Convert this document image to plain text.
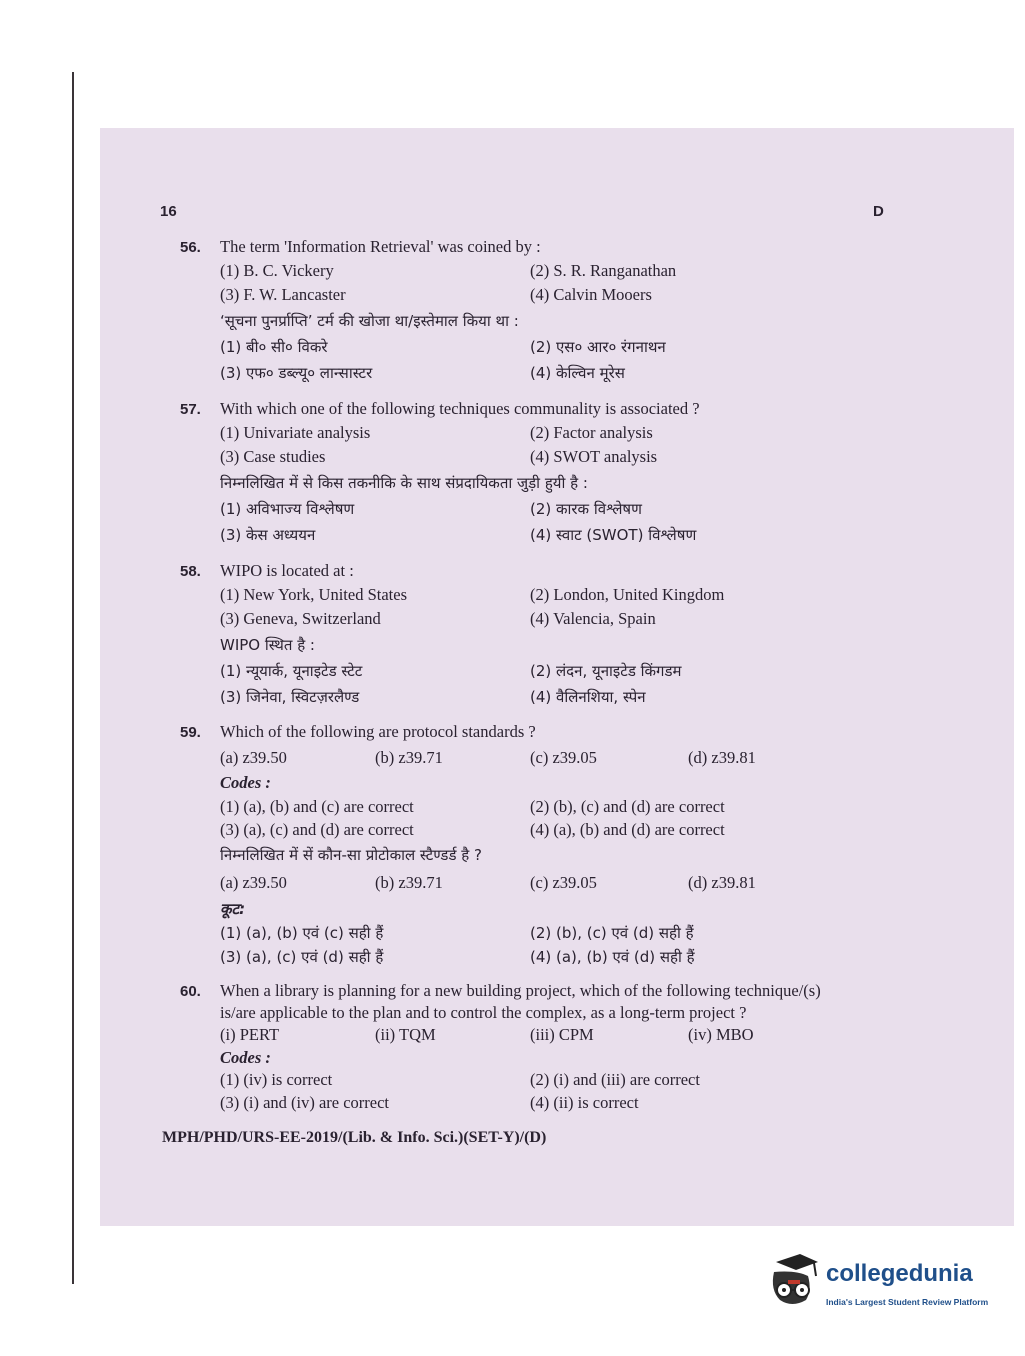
16	D
56. The term 'Information Retrieval' was coined by :
(1) B. C. Vickery	(2) S. R. Ranganathan
(3) F. W. Lancaster	(4) Calvin Mooers
‘सूचना पुनर्प्राप्ति’ टर्म की खोजा था/इस्तेमाल किया था :
(1) बी० सी० विकरे	(2) एस० आर० रंगनाथन
(3) एफ० डब्ल्यू० लान्सास्टर	(4) केल्विन मूरेस
57. With which one of the following techniques communality is associated ?
(1) Univariate analysis	(2) Factor analysis
(3) Case studies	(4) SWOT analysis
निम्नलिखित में से किस तकनीकि के साथ संप्रदायिकता जुड़ी हुयी है :
(1) अविभाज्य विश्लेषण	(2) कारक विश्लेषण
(3) केस अध्ययन	(4) स्वाट (SWOT) विश्लेषण
58. WIPO is located at :
(1) New York, United States	(2) London, United Kingdom
(3) Geneva, Switzerland	(4) Valencia, Spain
WIPO स्थित है :
(1) न्यूयार्क, यूनाइटेड स्टेट	(2) लंदन, यूनाइटेड किंगडम
(3) जिनेवा, स्विटज़रलैण्ड	(4) वैलिनशिया, स्पेन
59. Which of the following are protocol standards ?
(a) z39.50	(b) z39.71	(c) z39.05	(d) z39.81
Codes :
(1) (a), (b) and (c) are correct	(2) (b), (c) and (d) are correct
(3) (a), (c) and (d) are correct	(4) (a), (b) and (d) are correct
निम्नलिखित में सें कौन-सा प्रोटोकाल स्टैण्डर्ड है ?
(a) z39.50	(b) z39.71	(c) z39.05	(d) z39.81
कूट:
(1) (a), (b) एवं (c) सही हैं	(2) (b), (c) एवं (d) सही हैं
(3) (a), (c) एवं (d) सही हैं	(4) (a), (b) एवं (d) सही हैं
60. When a library is planning for a new building project, which of the following technique/(s)
is/are applicable to the plan and to control the complex, as a long-term project ?
(i) PERT	(ii) TQM	(iii) CPM	(iv) MBO
Codes :
(1) (iv) is correct	(2) (i) and (iii) are correct
(3) (i) and (iv) are correct	(4) (ii) is correct
MPH/PHD/URS-EE-2019/(Lib. & Info. Sci.)(SET-Y)/(D)
collegedunia
India's Largest Student Review Platform
